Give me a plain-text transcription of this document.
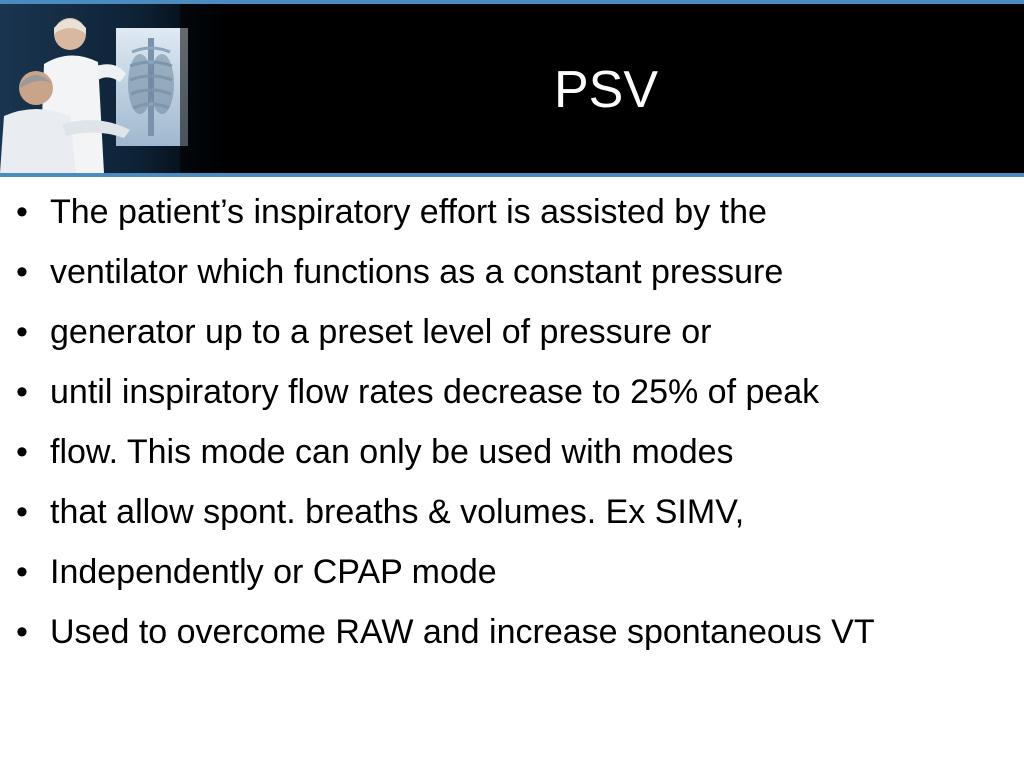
PSV
• The patient’s inspiratory effort is assisted by the
• ventilator which functions as a constant pressure
• generator up to a preset level of pressure or
• until inspiratory flow rates decrease to 25% of peak
• flow. This mode can only be used with modes
• that allow spont. breaths & volumes. Ex SIMV,
• Independently or CPAP mode
• Used to overcome RAW and increase spontaneous VT
